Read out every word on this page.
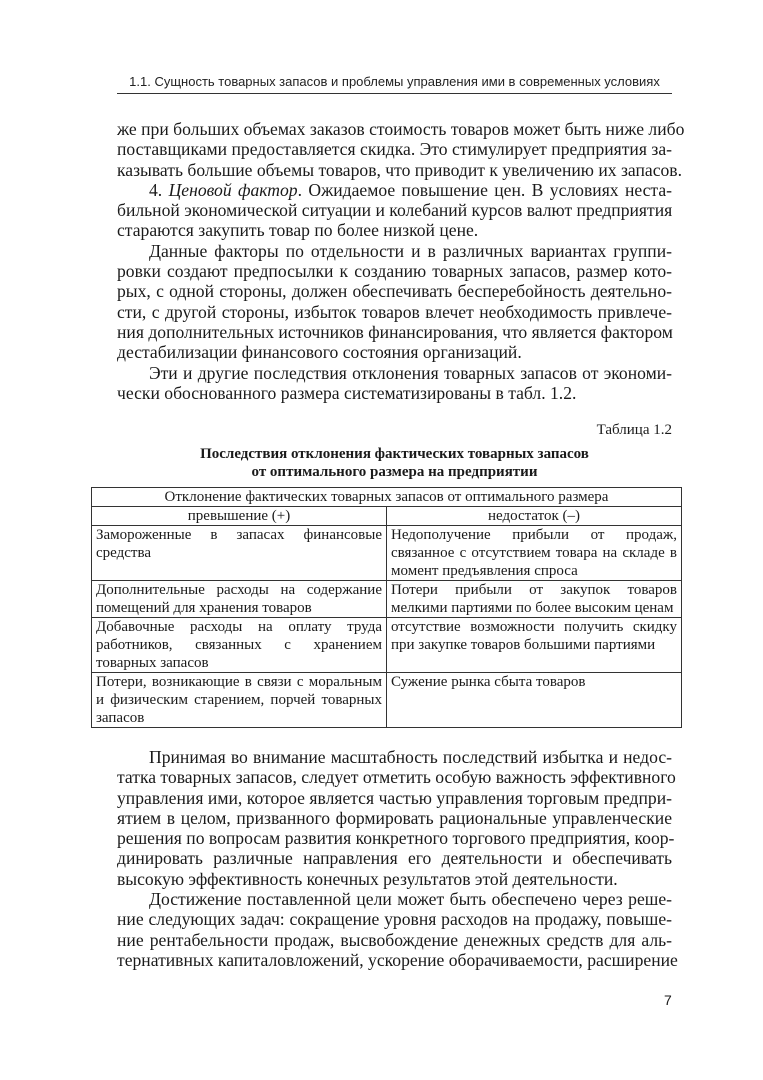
1.1. Сущность товарных запасов и проблемы управления ими в современных условиях
же при больших объемах заказов стоимость товаров может быть ниже либо
поставщиками предоставляется скидка. Это стимулирует предприятия за-
казывать большие объемы товаров, что приводит к увеличению их запасов.
4. Ценовой фактор. Ожидаемое повышение цен. В условиях неста-
бильной экономической ситуации и колебаний курсов валют предприятия
стараются закупить товар по более низкой цене.
Данные факторы по отдельности и в различных вариантах группи-
ровки создают предпосылки к созданию товарных запасов, размер кото-
рых, с одной стороны, должен обеспечивать бесперебойность деятельно-
сти, с другой стороны, избыток товаров влечет необходимость привлече-
ния дополнительных источников финансирования, что является фактором
дестабилизации финансового состояния организаций.
Эти и другие последствия отклонения товарных запасов от экономи-
чески обоснованного размера систематизированы в табл. 1.2.
Таблица 1.2
Последствия отклонения фактических товарных запасов
от оптимального размера на предприятии
Отклонение фактических товарных запасов от оптимального размера	
превышение (+)	недостаток (–)
Замороженные в запасах финансовые средства	Недополучение прибыли от продаж, связанное с отсутствием товара на складе в момент предъявления спроса
Дополнительные расходы на содержание помещений для хранения товаров	Потери прибыли от закупок товаров мелкими партиями по более высоким ценам
Добавочные расходы на оплату труда работников, связанных с хранением товарных запасов	отсутствие возможности получить скидку при закупке товаров большими партиями
Потери, возникающие в связи с моральным и физическим старением, порчей товарных запасов	Сужение рынка сбыта товаров
Принимая во внимание масштабность последствий избытка и недос-
татка товарных запасов, следует отметить особую важность эффективного
управления ими, которое является частью управления торговым предпри-
ятием в целом, призванного формировать рациональные управленческие
решения по вопросам развития конкретного торгового предприятия, коор-
динировать различные направления его деятельности и обеспечивать
высокую эффективность конечных результатов этой деятельности.
Достижение поставленной цели может быть обеспечено через реше-
ние следующих задач: сокращение уровня расходов на продажу, повыше-
ние рентабельности продаж, высвобождение денежных средств для аль-
тернативных капиталовложений, ускорение оборачиваемости, расширение
7
